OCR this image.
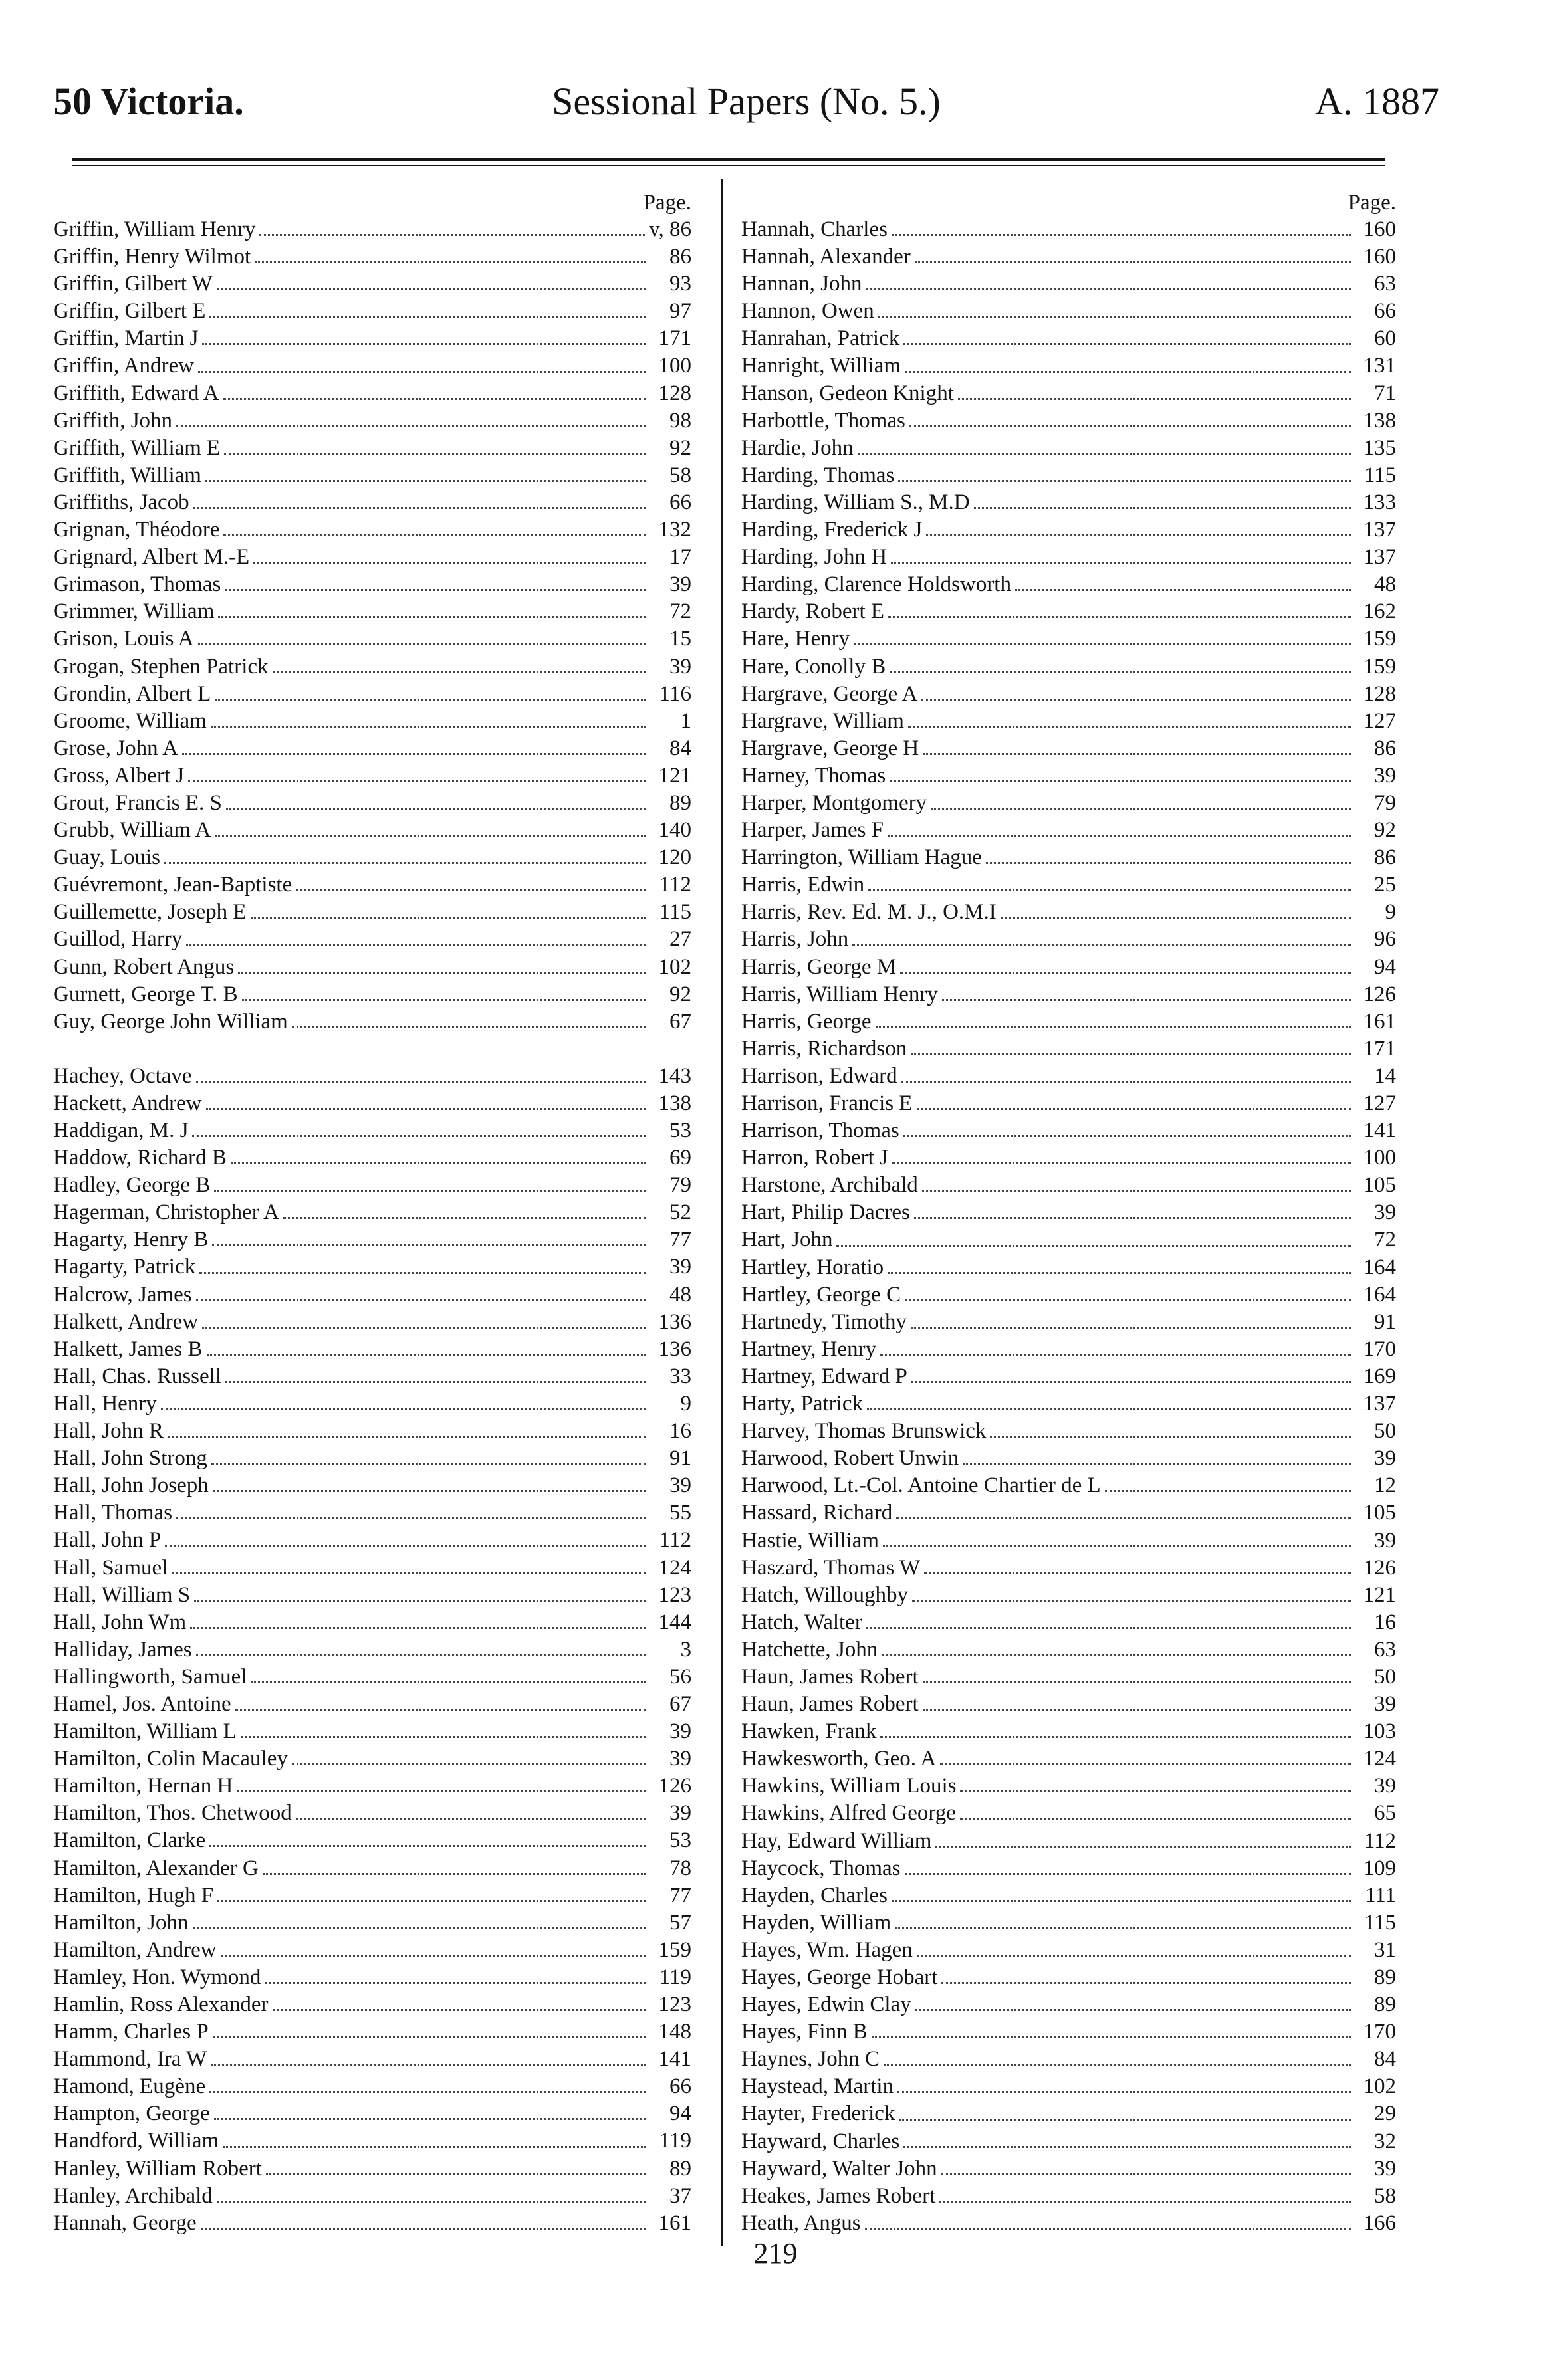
50 Victoria.	Sessional Papers (No. 5.)	A. 1887
Page.
Griffin, William Henry	v, 86
Griffin, Henry Wilmot	86
Griffin, Gilbert W	93
Griffin, Gilbert E	97
Griffin, Martin J	171
Griffin, Andrew	100
Griffith, Edward A	128
Griffith, John	98
Griffith, William E	92
Griffith, William	58
Griffiths, Jacob	66
Grignan, Théodore	132
Grignard, Albert M.-E	17
Grimason, Thomas	39
Grimmer, William	72
Grison, Louis A	15
Grogan, Stephen Patrick	39
Grondin, Albert L	116
Groome, William	1
Grose, John A	84
Gross, Albert J	121
Grout, Francis E. S	89
Grubb, William A	140
Guay, Louis	120
Guévremont, Jean-Baptiste	112
Guillemette, Joseph E	115
Guillod, Harry	27
Gunn, Robert Angus	102
Gurnett, George T. B	92
Guy, George John William	67
Hachey, Octave	143
Hackett, Andrew	138
Haddigan, M. J	53
Haddow, Richard B	69
Hadley, George B	79
Hagerman, Christopher A	52
Hagarty, Henry B	77
Hagarty, Patrick	39
Halcrow, James	48
Halkett, Andrew	136
Halkett, James B	136
Hall, Chas. Russell	33
Hall, Henry	9
Hall, John R	16
Hall, John Strong	91
Hall, John Joseph	39
Hall, Thomas	55
Hall, John P	112
Hall, Samuel	124
Hall, William S	123
Hall, John Wm	144
Halliday, James	3
Hallingworth, Samuel	56
Hamel, Jos. Antoine	67
Hamilton, William L	39
Hamilton, Colin Macauley	39
Hamilton, Hernan H	126
Hamilton, Thos. Chetwood	39
Hamilton, Clarke	53
Hamilton, Alexander G	78
Hamilton, Hugh F	77
Hamilton, John	57
Hamilton, Andrew	159
Hamley, Hon. Wymond	119
Hamlin, Ross Alexander	123
Hamm, Charles P	148
Hammond, Ira W	141
Hamond, Eugène	66
Hampton, George	94
Handford, William	119
Hanley, William Robert	89
Hanley, Archibald	37
Hannah, George	161
Page.
Hannah, Charles	160
Hannah, Alexander	160
Hannan, John	63
Hannon, Owen	66
Hanrahan, Patrick	60
Hanright, William	131
Hanson, Gedeon Knight	71
Harbottle, Thomas	138
Hardie, John	135
Harding, Thomas	115
Harding, William S., M.D	133
Harding, Frederick J	137
Harding, John H	137
Harding, Clarence Holdsworth	48
Hardy, Robert E	162
Hare, Henry	159
Hare, Conolly B	159
Hargrave, George A	128
Hargrave, William	127
Hargrave, George H	86
Harney, Thomas	39
Harper, Montgomery	79
Harper, James F	92
Harrington, William Hague	86
Harris, Edwin	25
Harris, Rev. Ed. M. J., O.M.I	9
Harris, John	96
Harris, George M	94
Harris, William Henry	126
Harris, George	161
Harris, Richardson	171
Harrison, Edward	14
Harrison, Francis E	127
Harrison, Thomas	141
Harron, Robert J	100
Harstone, Archibald	105
Hart, Philip Dacres	39
Hart, John	72
Hartley, Horatio	164
Hartley, George C	164
Hartnedy, Timothy	91
Hartney, Henry	170
Hartney, Edward P	169
Harty, Patrick	137
Harvey, Thomas Brunswick	50
Harwood, Robert Unwin	39
Harwood, Lt.-Col. Antoine Chartier de L	12
Hassard, Richard	105
Hastie, William	39
Haszard, Thomas W	126
Hatch, Willoughby	121
Hatch, Walter	16
Hatchette, John	63
Haun, James Robert	50
Haun, James Robert	39
Hawken, Frank	103
Hawkesworth, Geo. A	124
Hawkins, William Louis	39
Hawkins, Alfred George	65
Hay, Edward William	112
Haycock, Thomas	109
Hayden, Charles	111
Hayden, William	115
Hayes, Wm. Hagen	31
Hayes, George Hobart	89
Hayes, Edwin Clay	89
Hayes, Finn B	170
Haynes, John C	84
Haystead, Martin	102
Hayter, Frederick	29
Hayward, Charles	32
Hayward, Walter John	39
Heakes, James Robert	58
Heath, Angus	166
219
